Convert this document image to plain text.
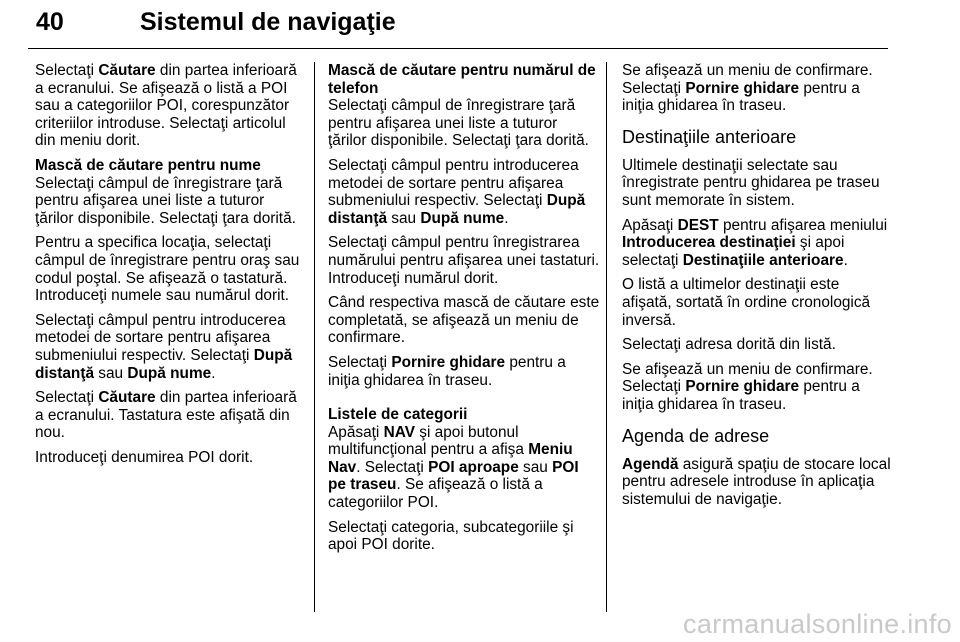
40	Sistemul de navigaţie

Selectaţi Căutare din partea inferioară a ecranului. Se afişează o listă a POI sau a categoriilor POI, corespunzător criteriilor introduse. Selectaţi articolul din meniu dorit.

Mască de căutare pentru nume

Selectaţi câmpul de înregistrare ţară pentru afişarea unei liste a tuturor ţărilor disponibile. Selectaţi ţara dorită.

Pentru a specifica locaţia, selectaţi câmpul de înregistrare pentru oraş sau codul poştal. Se afişează o tastatură. Introduceţi numele sau numărul dorit.

Selectaţi câmpul pentru introducerea metodei de sortare pentru afişarea submeniului respectiv. Selectaţi După distanţă sau După nume.

Selectaţi Căutare din partea inferioară a ecranului. Tastatura este afişată din nou.

Introduceţi denumirea POI dorit.

Mască de căutare pentru numărul de telefon

Selectaţi câmpul de înregistrare ţară pentru afişarea unei liste a tuturor ţărilor disponibile. Selectaţi ţara dorită.

Selectaţi câmpul pentru introducerea metodei de sortare pentru afişarea submeniului respectiv. Selectaţi După distanţă sau După nume.

Selectaţi câmpul pentru înregistrarea numărului pentru afişarea unei tastaturi. Introduceţi numărul dorit.

Când respectiva mască de căutare este completată, se afişează un meniu de confirmare.

Selectaţi Pornire ghidare pentru a iniţia ghidarea în traseu.

Listele de categorii

Apăsaţi NAV şi apoi butonul multifuncţional pentru a afişa Meniu Nav. Selectaţi POI aproape sau POI pe traseu. Se afişează o listă a categoriilor POI.

Selectaţi categoria, subcategoriile şi apoi POI dorite.

Se afişează un meniu de confirmare. Selectaţi Pornire ghidare pentru a iniţia ghidarea în traseu.

Destinaţiile anterioare

Ultimele destinaţii selectate sau înregistrate pentru ghidarea pe traseu sunt memorate în sistem.

Apăsaţi DEST pentru afişarea meniului Introducerea destinaţiei şi apoi selectaţi Destinaţiile anterioare.

O listă a ultimelor destinaţii este afişată, sortată în ordine cronologică inversă.

Selectaţi adresa dorită din listă.

Se afişează un meniu de confirmare. Selectaţi Pornire ghidare pentru a iniţia ghidarea în traseu.

Agenda de adrese

Agendă asigură spaţiu de stocare local pentru adresele introduse în aplicaţia sistemului de navigaţie.

carmanualsonline.info
